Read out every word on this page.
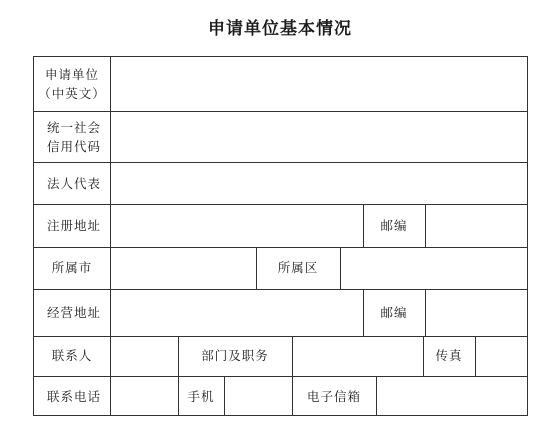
申请单位基本情况
申请单位
（中英文）
统一社会
信用代码
法人代表
注册地址	邮编
所属市	所属区
经营地址	邮编
联系人	部门及职务	传真
联系电话	手机	电子信箱
